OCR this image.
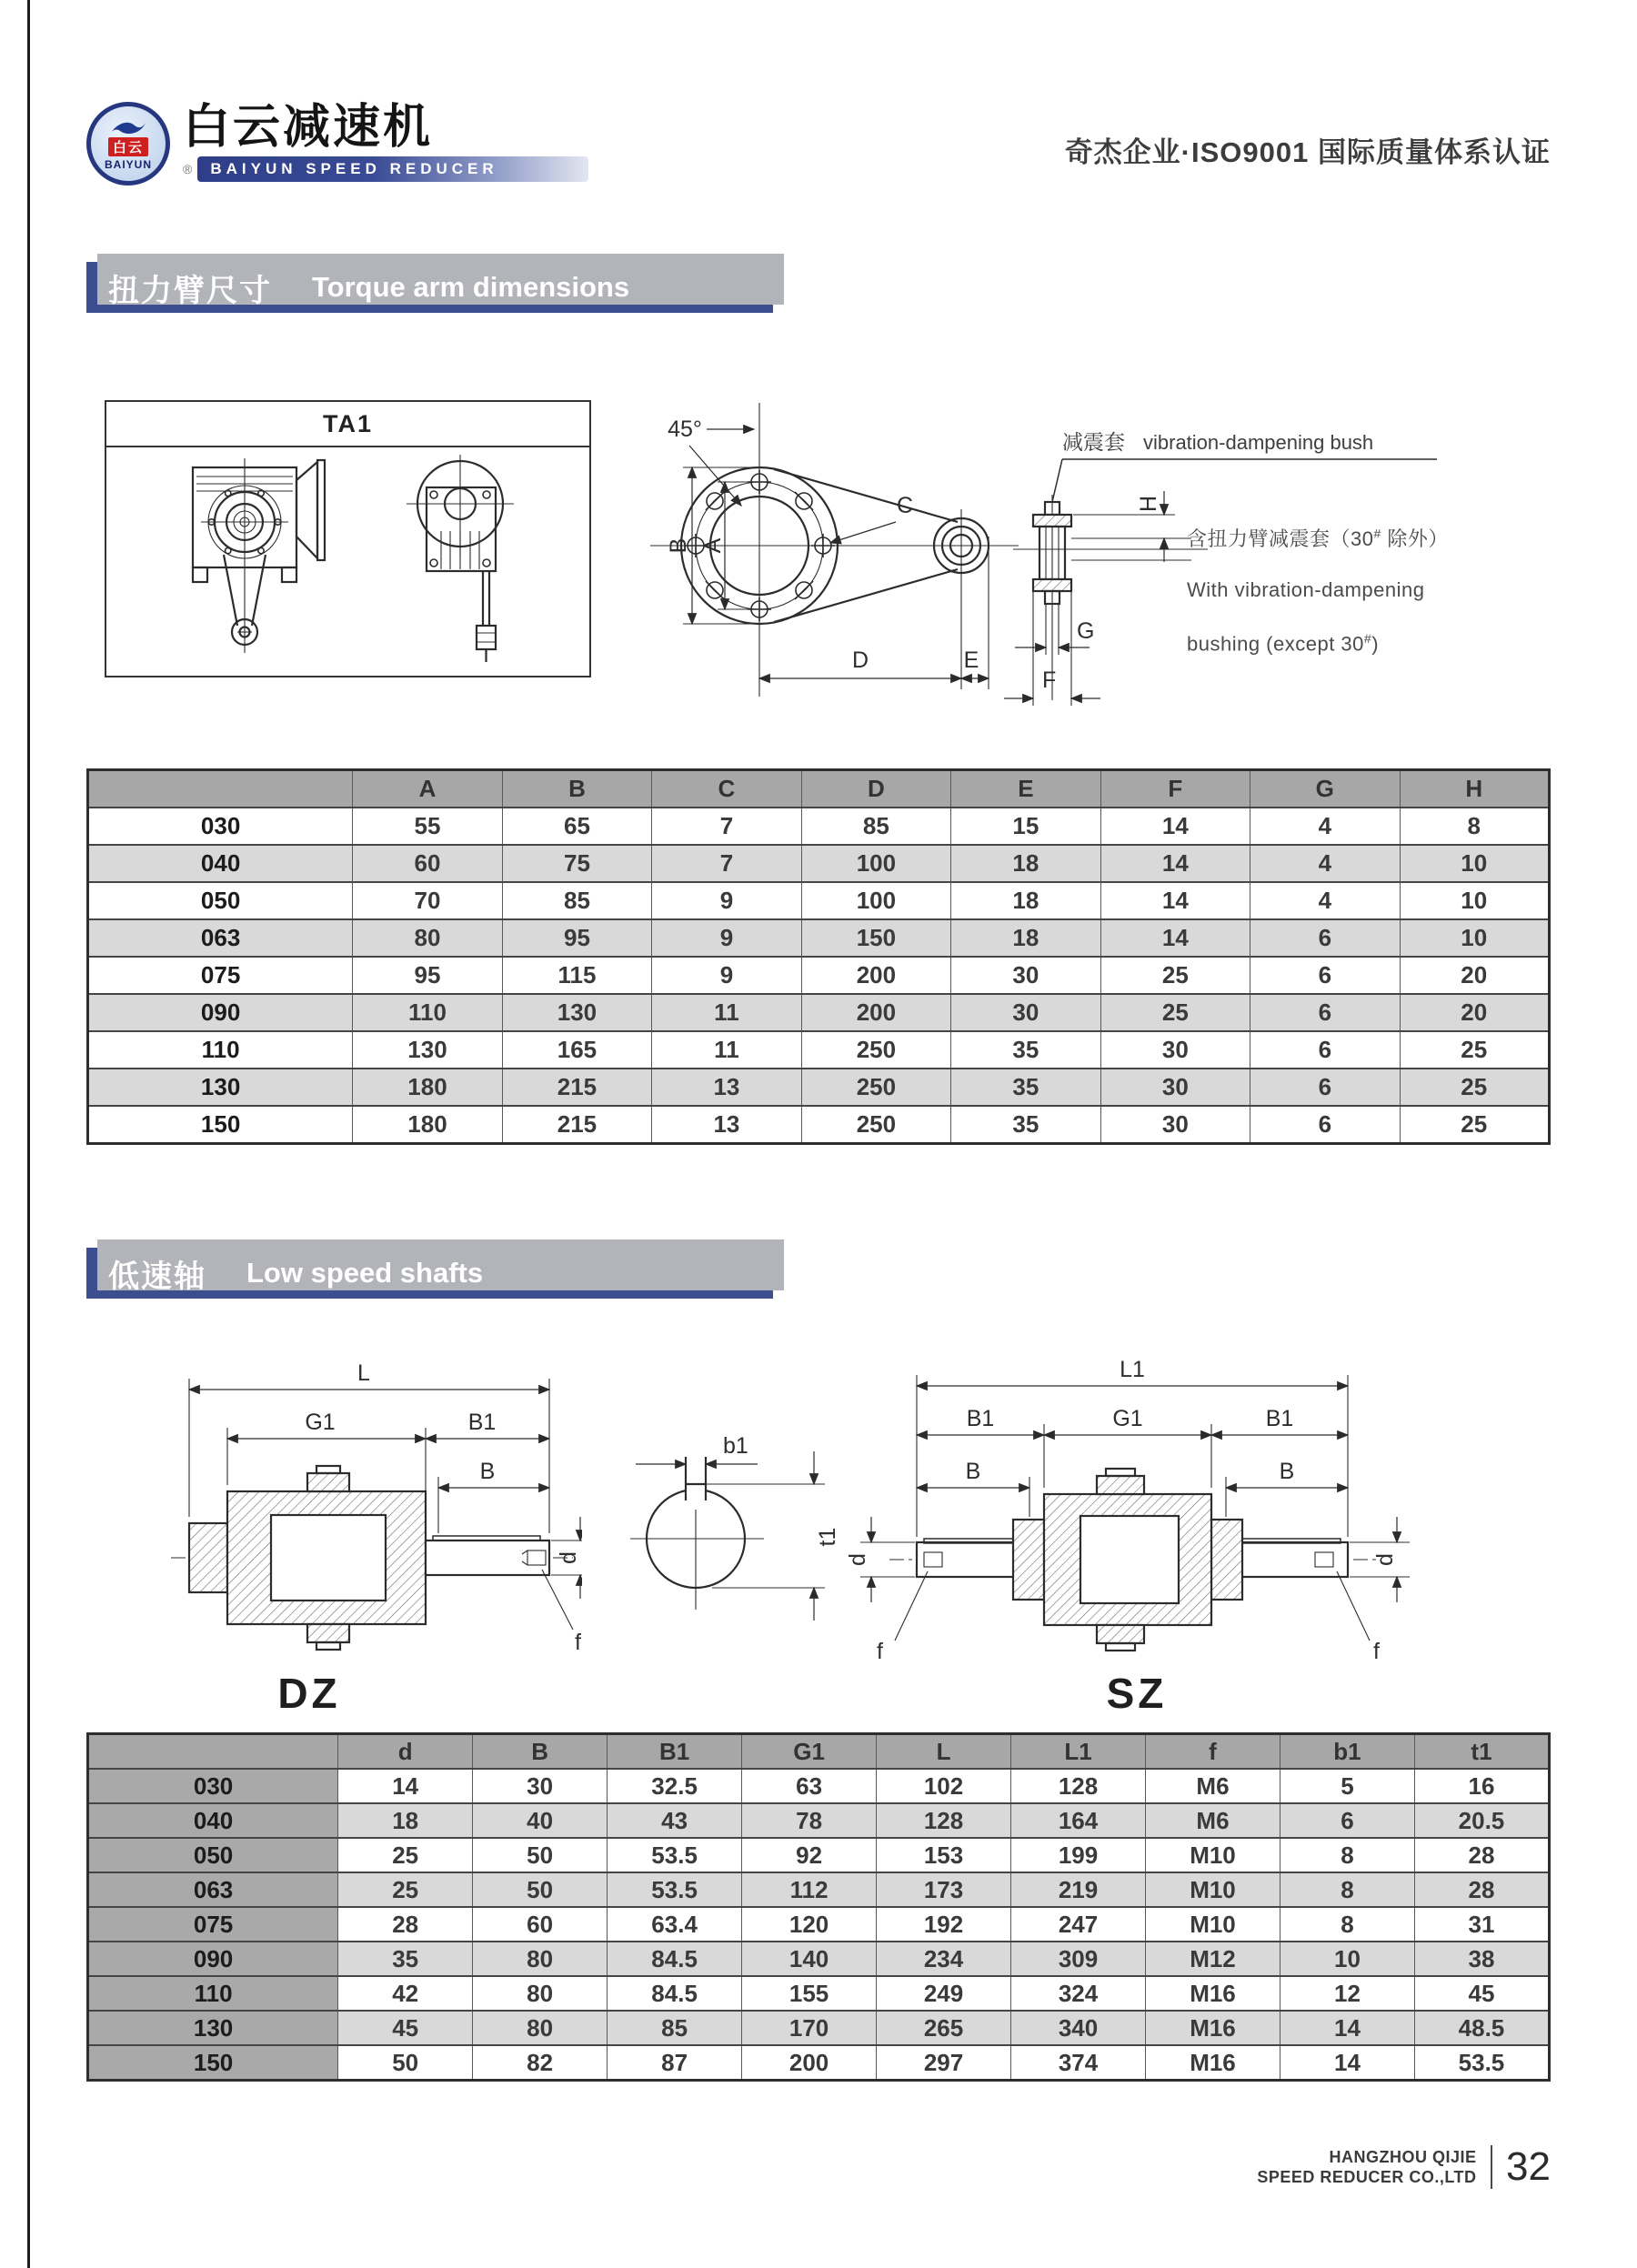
白云
BAIYUN
白云减速机
®	BAIYUN SPEED REDUCER
奇杰企业·ISO9001 国际质量体系认证
扭力臂尺寸 Torque arm dimensions
TA1	45°
B A
C
D	E
减震套 vibration-dampening bush
H
G
F
含扭力臂减震套（30# 除外）
With vibration-dampening
bushing (except 30#)
	A	B	C	D	E	F	G	H
030	55	65	7	85	15	14	4	8
040	60	75	7	100	18	14	4	10
050	70	85	9	100	18	14	4	10
063	80	95	9	150	18	14	6	10
075	95	115	9	200	30	25	6	20
090	110	130	11	200	30	25	6	20
110	130	165	11	250	35	30	6	25
130	180	215	13	250	35	30	6	25
150	180	215	13	250	35	30	6	25
低速轴 Low speed shafts
L
G1	B1
B
d
f
DZ
b1
t1
L1
B1	G1	B1
B	B
d
d
f	f
SZ
	d	B	B1	G1	L	L1	f	b1	t1
030	14	30	32.5	63	102	128	M6	5	16
040	18	40	43	78	128	164	M6	6	20.5
050	25	50	53.5	92	153	199	M10	8	28
063	25	50	53.5	112	173	219	M10	8	28
075	28	60	63.4	120	192	247	M10	8	31
090	35	80	84.5	140	234	309	M12	10	38
110	42	80	84.5	155	249	324	M16	12	45
130	45	80	85	170	265	340	M16	14	48.5
150	50	82	87	200	297	374	M16	14	53.5
HANGZHOU QIJIE
SPEED REDUCER CO.,LTD 32
